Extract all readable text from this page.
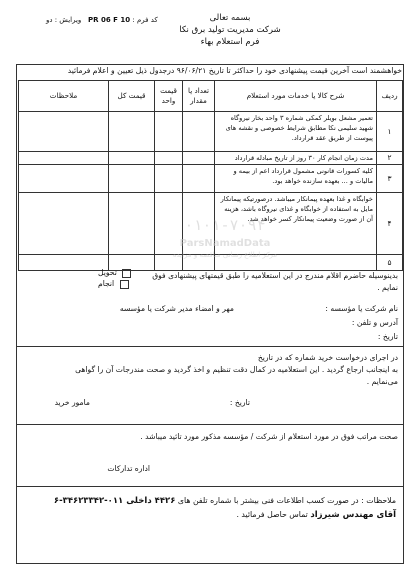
کد فرم : PR 06 F 10   ویرایش : دو	بسمه تعالی
شرکت مدیریت تولید برق نکا
فرم استعلام بهاء
خواهشمند است آخرین قیمت پیشنهادی خود را حداکثر تا تاریخ ۹۶/۰۶/۲۱ درجدول ذیل تعیین و اعلام فرمائید
ردیف	شرح کالا یا خدمات مورد استعلام	تعداد یا مقدار	قیمت واحد	قیمت کل	ملاحظات
۱	تعمیر مشعل بویلر کمکی شماره ۳ واحد بخار نیروگاه شهید سلیمی نکا مطابق شرایط خصوصی و نقشه های پیوست از طریق عقد قرارداد.				
۲	مدت زمان انجام کار ۳۰ روز از تاریخ مبادله قرارداد				
۳	کلیه کسورات قانونی مشمول قرارداد اعم از بیمه و مالیات و ... بعهده سازنده خواهد بود.				
۴	خوابگاه و غذا بعهده پیمانکار میباشد. درصورتیکه پیمانکار مایل به استفاده از خوابگاه و غذای نیروگاه باشد، هزینه آن از صورت وضعیت پیمانکار کسر خواهد شد.				
۵					
۰۱۰۱-۷۰۹۴
ParsNamadData
مرکز اطلاع رسانی مناقصه و مزایده
تحویل
انجام
بدینوسیله حاضرم اقلام مندرج در این استعلامیه را طبق قیمتهای پیشنهادی فوق
نمایم .
نام شرکت یا مؤسسه :
مهر و امضاء مدیر شرکت یا مؤسسه
آدرس و تلفن :
تاریخ :
در اجرای درخواست خرید شماره که در تاریخ
به اینجانب ارجاع گردید . این استعلامیه در کمال دقت تنظیم و اخذ گردید و صحت مندرجات آن را گواهی
می‌نمایم .
تاریخ :
مامور خرید
صحت مراتب فوق در مورد استعلام از شرکت / مؤسسه مذکور مورد تائید میباشد .
اداره تدارکات
ملاحظات : در صورت کسب اطلاعات فنی بیشتر با شماره تلفن های ۴۴۲۶ داخلی ۰۱۱-۳۴۶۲۳۳۴۲-۶
آقای مهندس شیرزاد تماس حاصل فرمائید .
